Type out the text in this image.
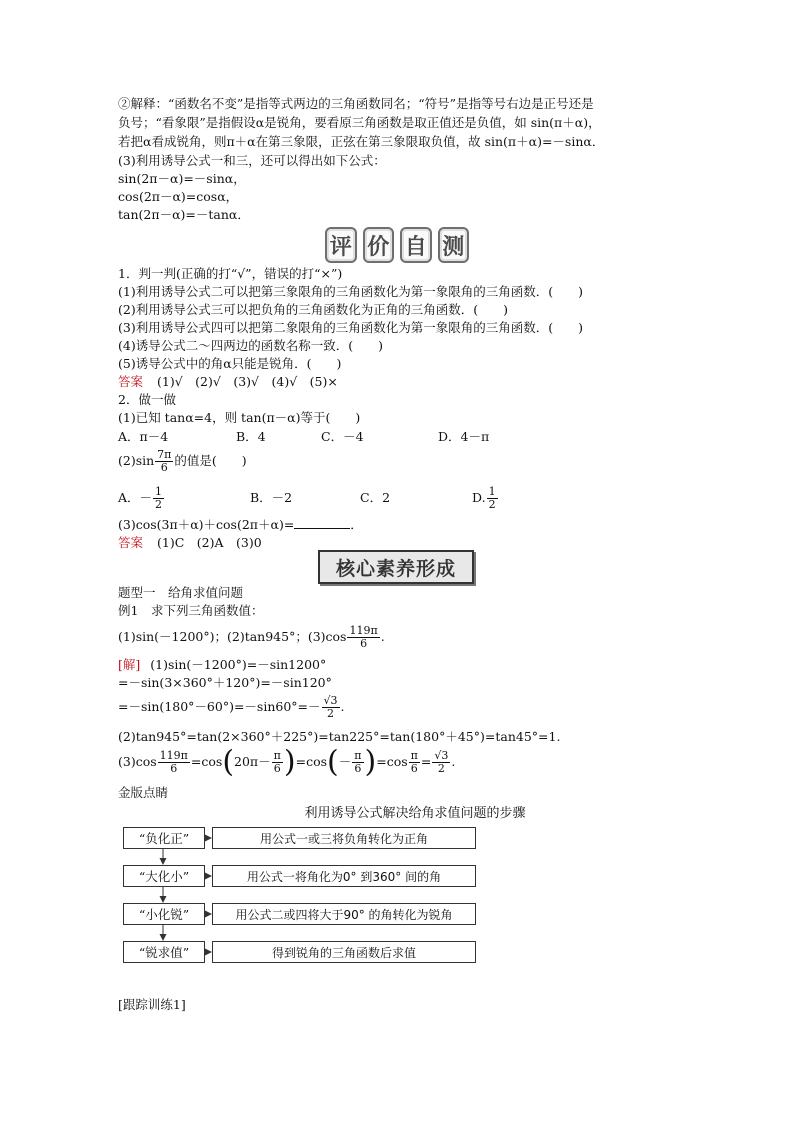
②解释：“函数名不变”是指等式两边的三角函数同名；“符号”是指等号右边是正号还是
负号；“看象限”是指假设α是锐角，要看原三角函数是取正值还是负值，如 sin(π＋α)，
若把α看成锐角，则π＋α在第三象限，正弦在第三象限取负值，故 sin(π＋α)=－sinα．
(3)利用诱导公式一和三，还可以得出如下公式：
sin(2π－α)=－sinα，
cos(2π－α)=cosα，
tan(2π－α)=－tanα．
评 价 自 测
1．判一判(正确的打“√”，错误的打“×”)
(1)利用诱导公式二可以把第三象限角的三角函数化为第一象限角的三角函数．(　　)
(2)利用诱导公式三可以把负角的三角函数化为正角的三角函数．(　　)
(3)利用诱导公式四可以把第二象限角的三角函数化为第一象限角的三角函数．(　　)
(4)诱导公式二～四两边的函数名称一致．(　　)
(5)诱导公式中的角α只能是锐角．(　　)
答案 (1)√　(2)√　(3)√　(4)√　(5)×
2．做一做
(1)已知 tanα=4，则 tan(π－α)等于(　　)
A．π－4	B．4	C．－4	D．4－π
$(2)\sin \frac{7\pi}{6}$ 的值是(　　)
A．－ $\frac{1}{2}$	B．－2	C．2	D. $\frac{1}{2}$
(3)cos(3π＋α)＋cos(2π＋α)=	．
答案 (1)C　(2)A　(3)0
核心素养形成
题型一　给角求值问题
例1　求下列三角函数值：
(1)sin(－1200°)；(2)tan945°；$(3)\cos \frac{119\pi}{6}$ .
[解] (1)sin(－1200°)=－sin1200°
=－sin(3×360°＋120°)=－sin120°
$=-\sin(180^\circ-60^\circ)=-\sin 60^\circ=- \frac{√3}{2}$ .
(2)tan945°=tan(2×360°＋225°)=tan225°=tan(180°＋45°)=tan45°=1.
$(3)\cos \frac{119\pi}{6} =\cos(20\pi- \frac{\pi}{6} )=\cos(- \frac{\pi}{6} )=\cos \frac{\pi}{6} = \frac{√3}{2}$ .
金版点睛
利用诱导公式解决给角求值问题的步骤
“负化正”	用公式一或三将负角转化为正角
“大化小”	用公式一将角化为0° 到360° 间的角
“小化锐”	用公式二或四将大于90° 的角转化为锐角
“锐求值”	得到锐角的三角函数后求值
[跟踪训练1]
